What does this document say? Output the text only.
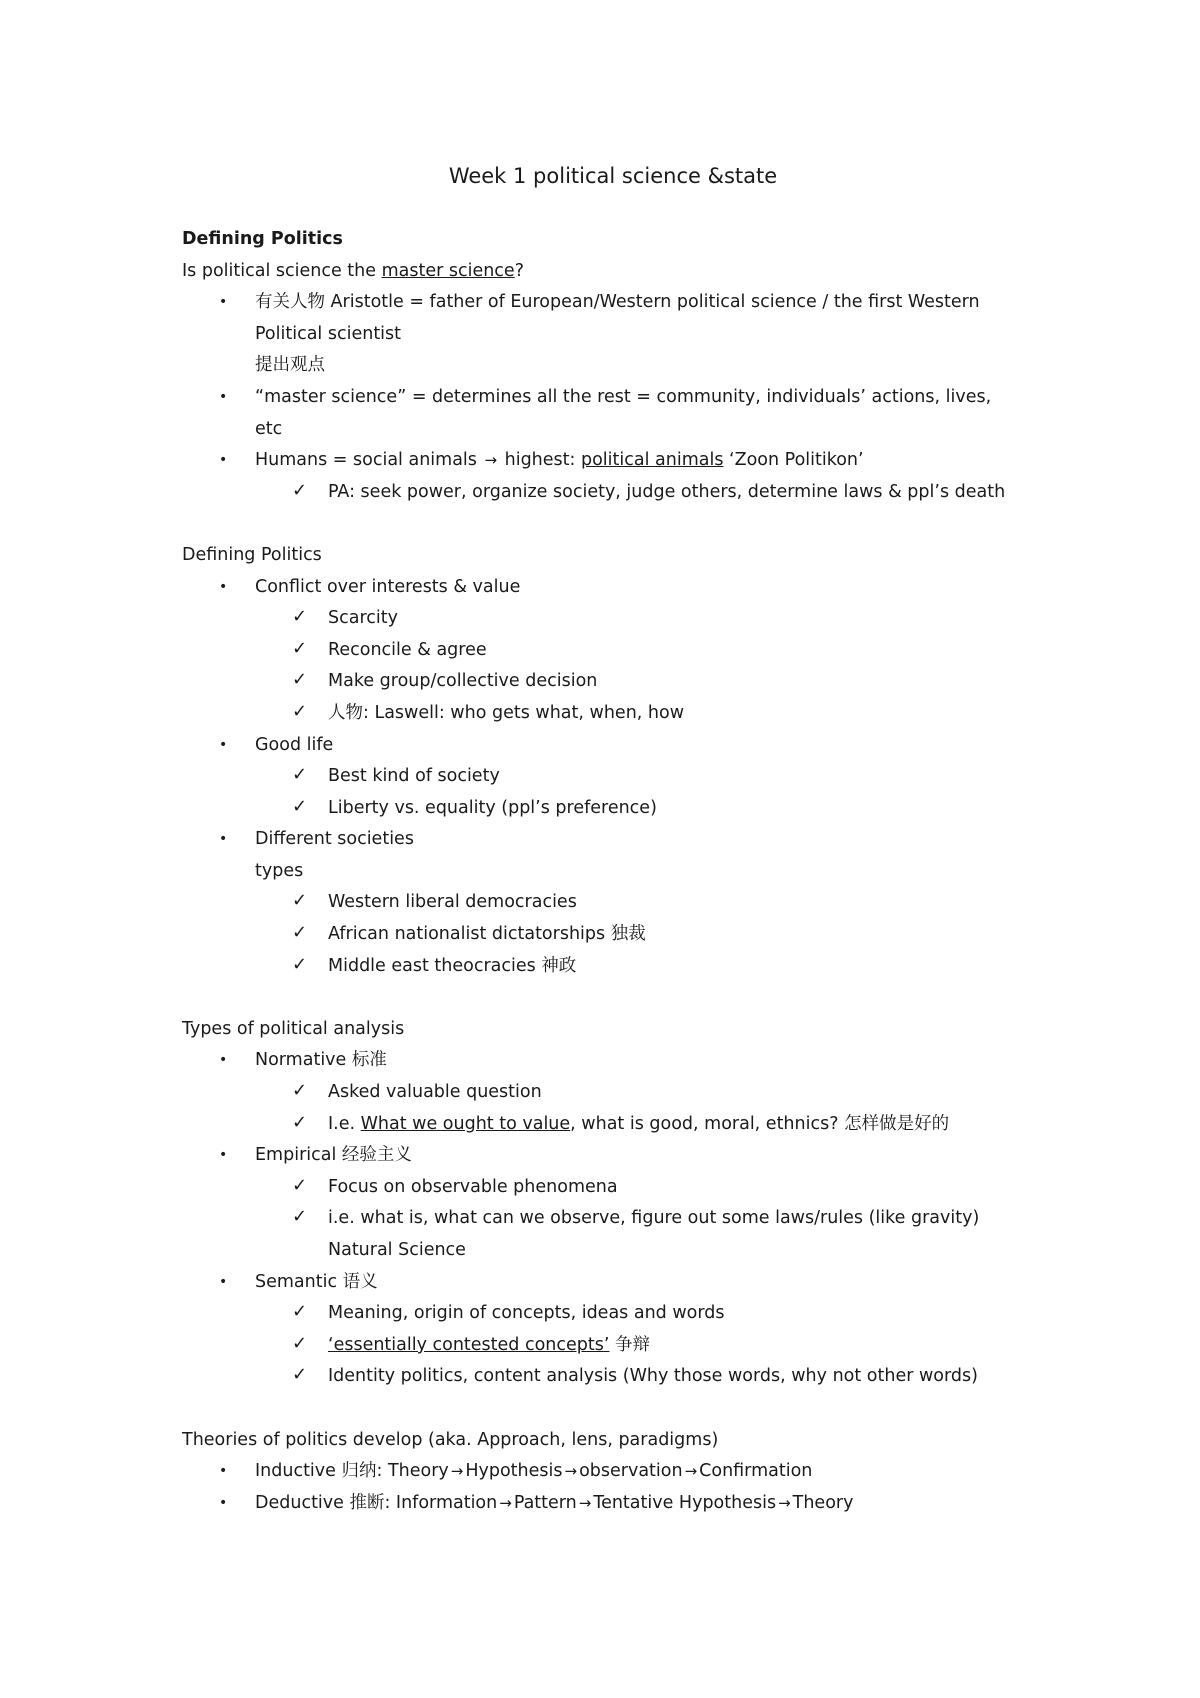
Week 1 political science &state
Defining Politics
Is political science the master science?
• 有关人物 Aristotle = father of European/Western political science / the first Western
Political scientist
提出观点
• “master science” = determines all the rest = community, individuals’ actions, lives, etc
• Humans = social animals → highest: political animals ‘Zoon Politikon’
✓ PA: seek power, organize society, judge others, determine laws & ppl’s death
Defining Politics
• Conflict over interests & value
✓ Scarcity
✓ Reconcile & agree
✓ Make group/collective decision
✓ 人物: Laswell: who gets what, when, how
• Good life
✓ Best kind of society
✓ Liberty vs. equality (ppl’s preference)
• Different societies
types
✓ Western liberal democracies
✓ African nationalist dictatorships 独裁
✓ Middle east theocracies 神政
Types of political analysis
• Normative 标准
✓ Asked valuable question
✓ I.e. What we ought to value, what is good, moral, ethnics? 怎样做是好的
• Empirical 经验主义
✓ Focus on observable phenomena
✓ i.e. what is, what can we observe, figure out some laws/rules (like gravity)
Natural Science
• Semantic 语义
✓ Meaning, origin of concepts, ideas and words
✓ ‘essentially contested concepts’ 争辩
✓ Identity politics, content analysis (Why those words, why not other words)
Theories of politics develop (aka. Approach, lens, paradigms)
• Inductive 归纳: Theory → Hypothesis → observation → Confirmation
• Deductive 推断: Information → Pattern → Tentative Hypothesis → Theory
